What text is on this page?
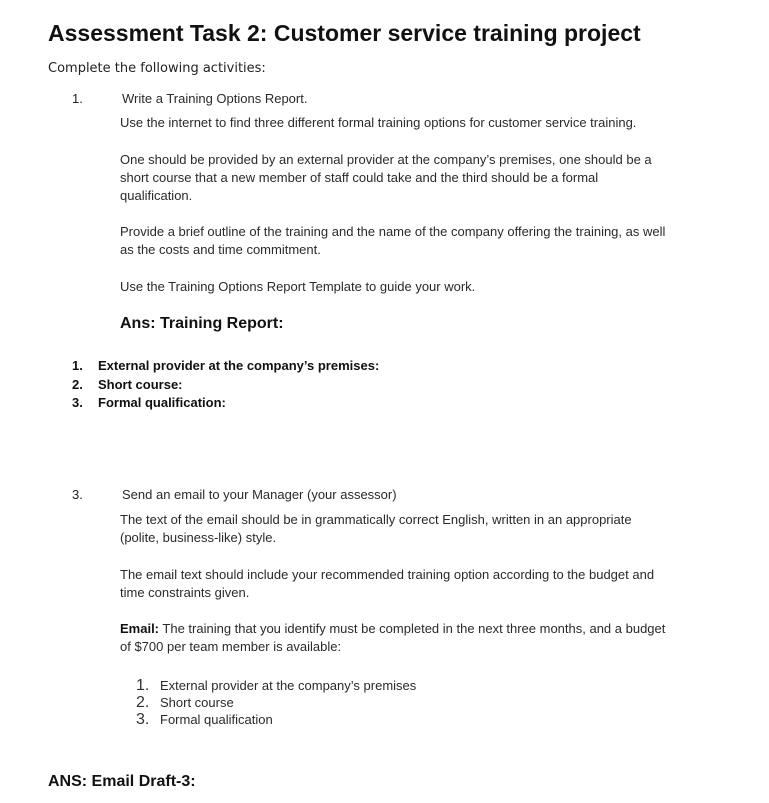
Assessment Task 2: Customer service training project
Complete the following activities:
1.	Write a Training Options Report.
Use the internet to find three different formal training options for customer service training.
One should be provided by an external provider at the company’s premises, one should be a short course that a new member of staff could take and the third should be a formal qualification.
Provide a brief outline of the training and the name of the company offering the training, as well as the costs and time commitment.
Use the Training Options Report Template to guide your work.
Ans: Training Report:
1.	External provider at the company’s premises:
2.	Short course:
3.	Formal qualification:
3.	Send an email to your Manager (your assessor)
The text of the email should be in grammatically correct English, written in an appropriate (polite, business-like) style.
The email text should include your recommended training option according to the budget and time constraints given.
Email: The training that you identify must be completed in the next three months, and a budget of $700 per team member is available:
1. External provider at the company’s premises
2. Short course
3. Formal qualification
ANS: Email Draft-3:
